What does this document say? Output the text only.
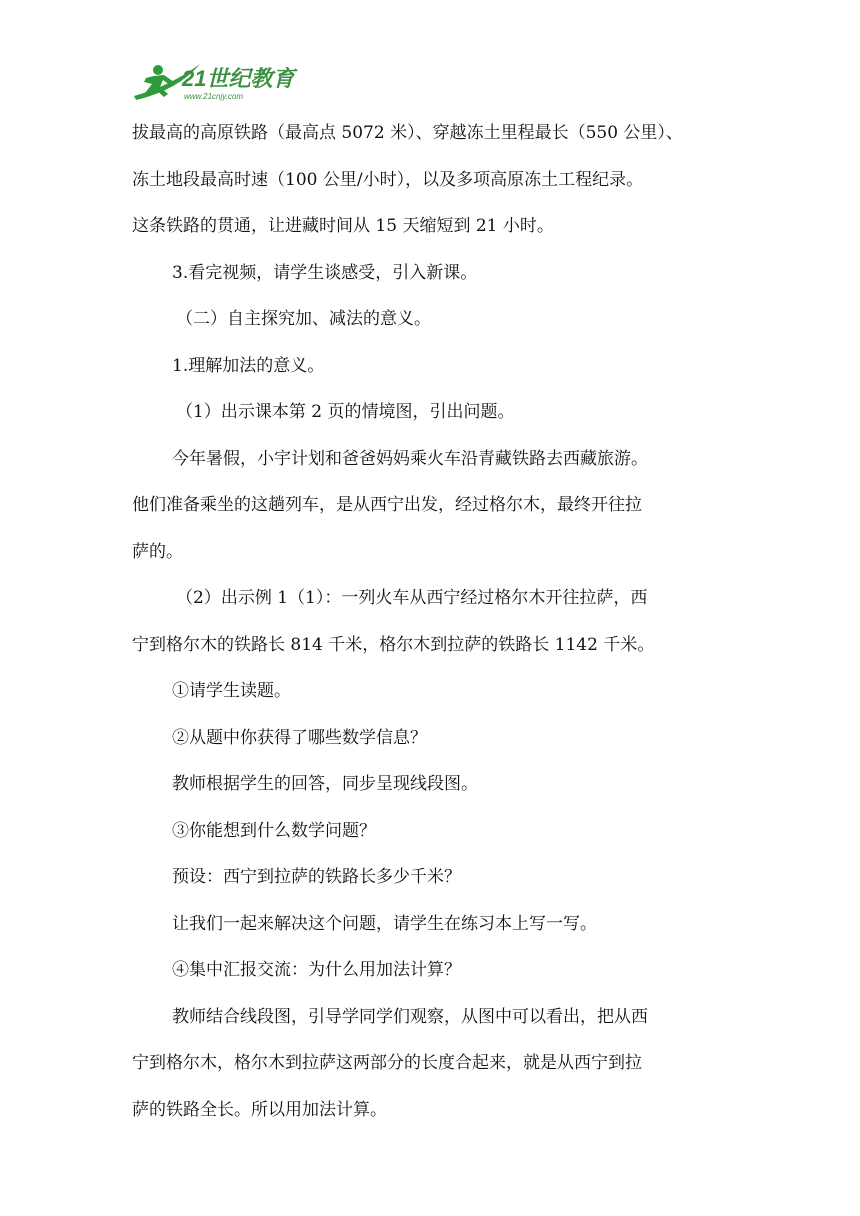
21世纪教育
www.21cnjy.com
拔最高的高原铁路（最高点 5072 米）、穿越冻土里程最长（550 公里）、
冻土地段最高时速（100 公里/小时），以及多项高原冻土工程纪录。
这条铁路的贯通，让进藏时间从 15 天缩短到 21 小时。
3.看完视频，请学生谈感受，引入新课。
（二）自主探究加、减法的意义。
1.理解加法的意义。
（1）出示课本第 2 页的情境图，引出问题。
今年暑假，小宇计划和爸爸妈妈乘火车沿青藏铁路去西藏旅游。
他们准备乘坐的这趟列车，是从西宁出发，经过格尔木，最终开往拉
萨的。
（2）出示例 1（1）：一列火车从西宁经过格尔木开往拉萨，西
宁到格尔木的铁路长 814 千米，格尔木到拉萨的铁路长 1142 千米。
①请学生读题。
②从题中你获得了哪些数学信息？
教师根据学生的回答，同步呈现线段图。
③你能想到什么数学问题？
预设：西宁到拉萨的铁路长多少千米？
让我们一起来解决这个问题，请学生在练习本上写一写。
④集中汇报交流：为什么用加法计算？
教师结合线段图，引导学同学们观察，从图中可以看出，把从西
宁到格尔木，格尔木到拉萨这两部分的长度合起来，就是从西宁到拉
萨的铁路全长。所以用加法计算。
